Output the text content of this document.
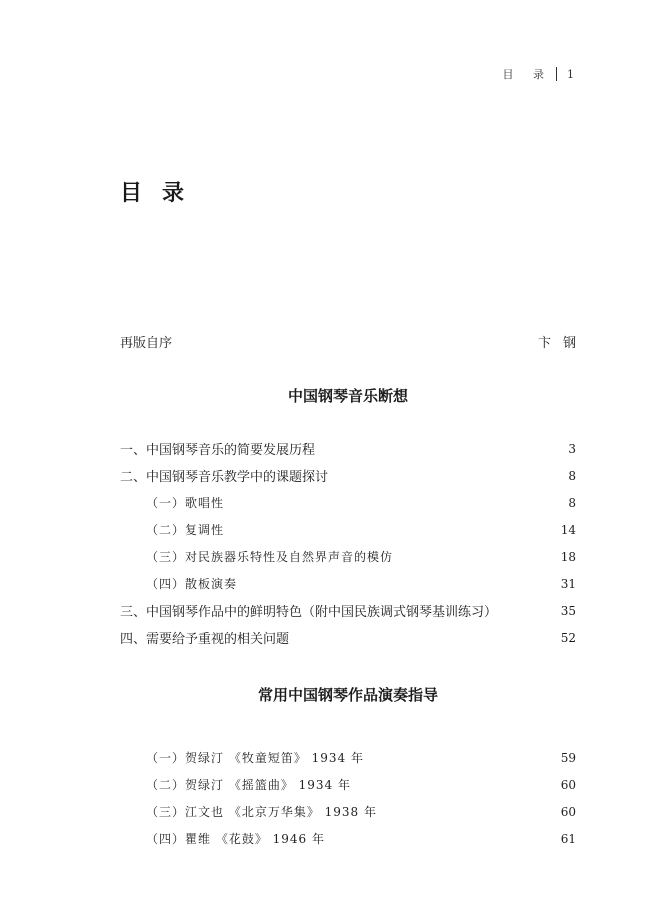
目 录 1
目录
再版自序	卞钢
中国钢琴音乐断想
一、中国钢琴音乐的简要发展历程	3
二、中国钢琴音乐教学中的课题探讨	8
（一）歌唱性	8
（二）复调性	14
（三）对民族器乐特性及自然界声音的模仿	18
（四）散板演奏	31
三、中国钢琴作品中的鲜明特色（附中国民族调式钢琴基训练习）	35
四、需要给予重视的相关问题	52
常用中国钢琴作品演奏指导
（一）贺绿汀 《牧童短笛》 1934 年	59
（二）贺绿汀 《摇篮曲》 1934 年	60
（三）江文也 《北京万华集》 1938 年	60
（四）瞿维 《花鼓》 1946 年	61
